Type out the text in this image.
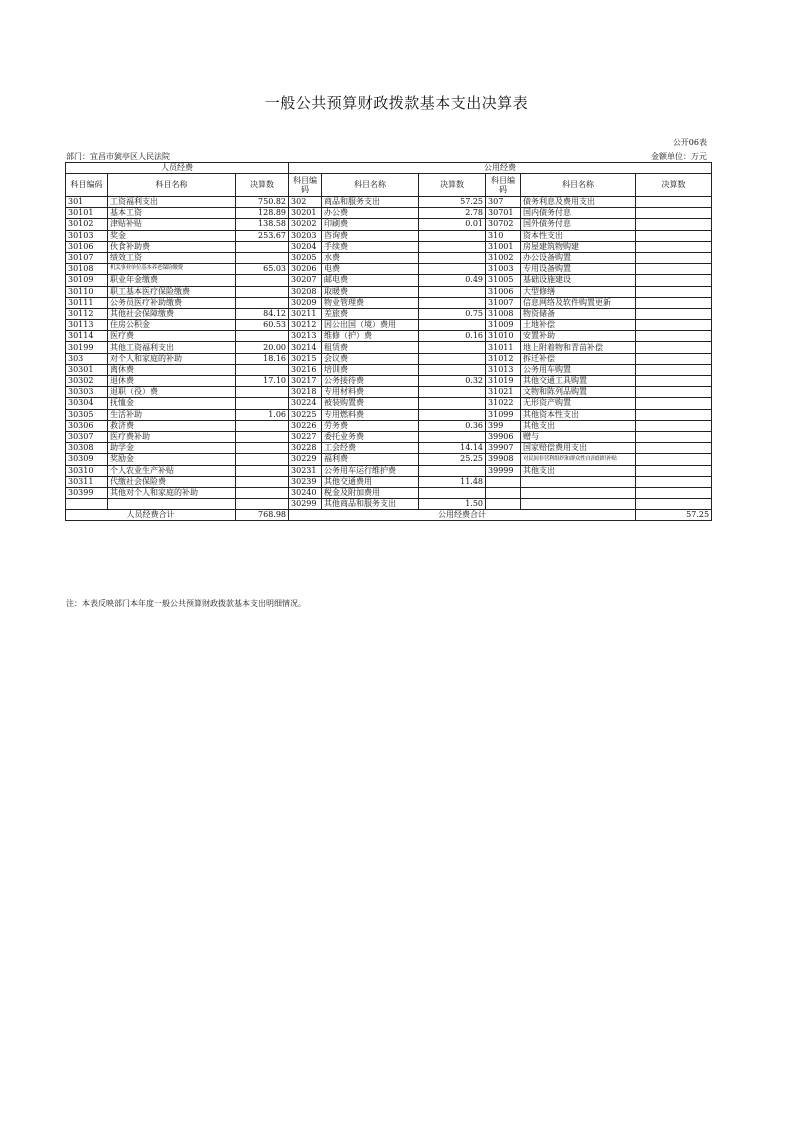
一般公共预算财政拨款基本支出决算表
公开06表
部门：宜昌市猇亭区人民法院	金额单位：万元
人员经费			公用经费					
科目编码	科目名称	决算数	科目编码	科目名称	决算数	科目编码	科目名称	决算数
301	工资福利支出	750.82	302	商品和服务支出	57.25	307	债务利息及费用支出	
30101	基本工资	128.89	30201	办公费	2.78	30701	国内债务付息	
30102	津贴补贴	138.58	30202	印刷费	0.01	30702	国外债务付息	
30103	奖金	253.67	30203	咨询费		310	资本性支出	
30106	伙食补助费		30204	手续费		31001	房屋建筑物购建	
30107	绩效工资		30205	水费		31002	办公设备购置	
30108	机关事业单位基本养老保险缴费	65.03	30206	电费		31003	专用设备购置	
30109	职业年金缴费		30207	邮电费	0.49	31005	基础设施建设	
30110	职工基本医疗保险缴费		30208	取暖费		31006	大型修缮	
30111	公务员医疗补助缴费		30209	物业管理费		31007	信息网络及软件购置更新	
30112	其他社会保障缴费	84.12	30211	差旅费	0.75	31008	物资储备	
30113	住房公积金	60.53	30212	因公出国（境）费用		31009	土地补偿	
30114	医疗费		30213	维修（护）费	0.16	31010	安置补助	
30199	其他工资福利支出	20.00	30214	租赁费		31011	地上附着物和青苗补偿	
303	对个人和家庭的补助	18.16	30215	会议费		31012	拆迁补偿	
30301	离休费		30216	培训费		31013	公务用车购置	
30302	退休费	17.10	30217	公务接待费	0.32	31019	其他交通工具购置	
30303	退职（役）费		30218	专用材料费		31021	文物和陈列品购置	
30304	抚恤金		30224	被装购置费		31022	无形资产购置	
30305	生活补助	1.06	30225	专用燃料费		31099	其他资本性支出	
30306	救济费		30226	劳务费	0.36	399	其他支出	
30307	医疗费补助		30227	委托业务费		39906	赠与	
30308	助学金		30228	工会经费	14.14	39907	国家赔偿费用支出	
30309	奖励金		30229	福利费	25.25	39908	对民间非营利组织和群众性自治组织补贴	
30310	个人农业生产补贴		30231	公务用车运行维护费		39999	其他支出	
30311	代缴社会保险费		30239	其他交通费用	11.48			
30399	其他对个人和家庭的补助		30240	税金及附加费用				
			30299	其他商品和服务支出	1.50			
人员经费合计		768.98	公用经费合计					57.25
注：本表反映部门本年度一般公共预算财政拨款基本支出明细情况。
